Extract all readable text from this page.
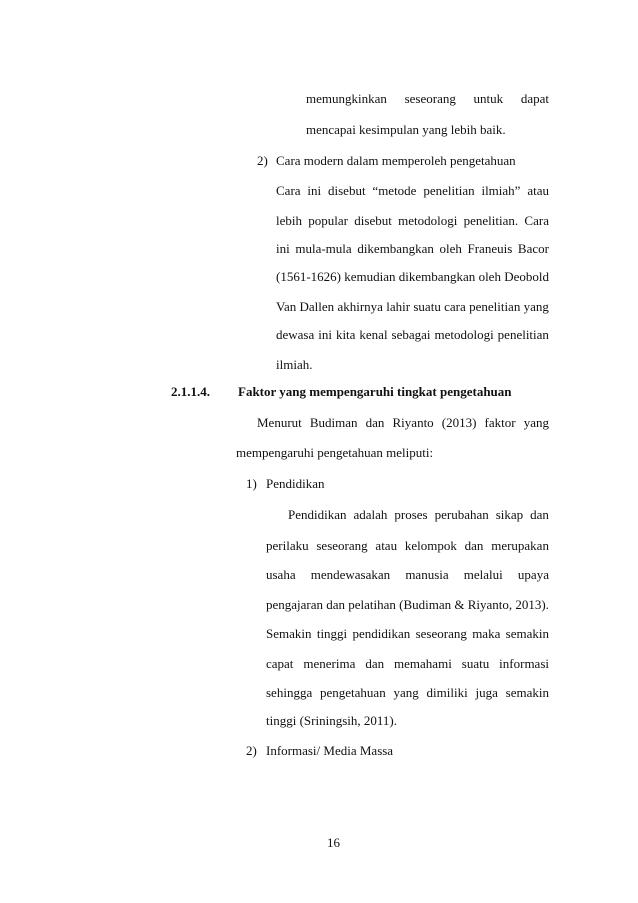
memungkinkan seseorang untuk dapat
mencapai kesimpulan yang lebih baik.
2) Cara modern dalam memperoleh pengetahuan
Cara ini disebut “metode penelitian ilmiah” atau
lebih popular disebut metodologi penelitian. Cara
ini mula-mula dikembangkan oleh Franeuis Bacor
(1561-1626) kemudian dikembangkan oleh Deobold
Van Dallen akhirnya lahir suatu cara penelitian yang
dewasa ini kita kenal sebagai metodologi penelitian
ilmiah.
2.1.1.4. Faktor yang mempengaruhi tingkat pengetahuan
Menurut Budiman dan Riyanto (2013) faktor yang
mempengaruhi pengetahuan meliputi:
1) Pendidikan
Pendidikan adalah proses perubahan sikap dan
perilaku seseorang atau kelompok dan merupakan
usaha mendewasakan manusia melalui upaya
pengajaran dan pelatihan (Budiman & Riyanto, 2013).
Semakin tinggi pendidikan seseorang maka semakin
capat menerima dan memahami suatu informasi
sehingga pengetahuan yang dimiliki juga semakin
tinggi (Sriningsih, 2011).
2) Informasi/ Media Massa
16
